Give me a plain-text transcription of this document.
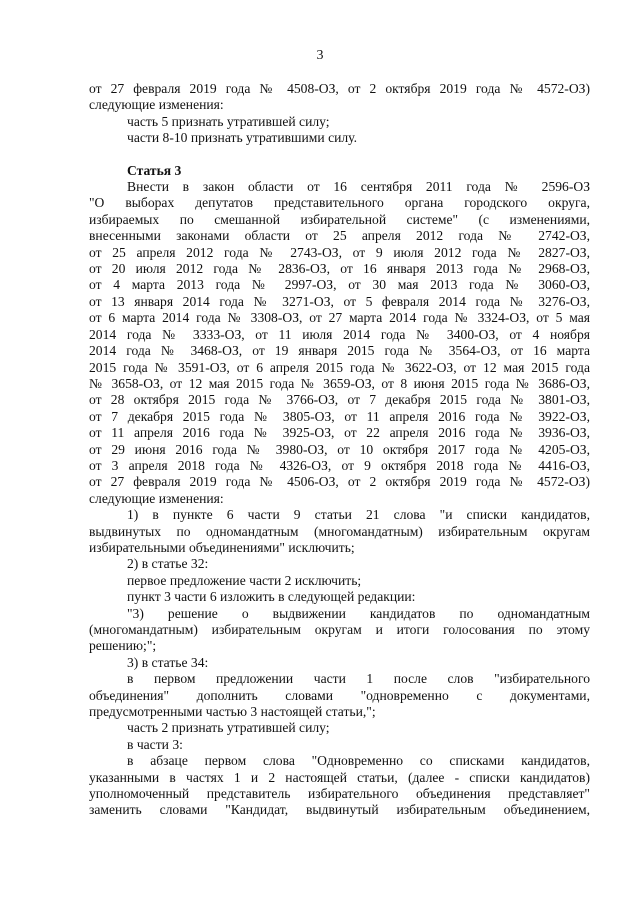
3

от 27 февраля 2019 года № 4508-ОЗ, от 2 октября 2019 года № 4572-ОЗ)

следующие изменения:

часть 5 признать утратившей силу;

части 8-10 признать утратившими силу.

Статья 3

Внести в закон области от 16 сентября 2011 года № 2596-ОЗ

"О выборах депутатов представительного органа городского округа,

избираемых по смешанной избирательной системе" (с изменениями,

внесенными законами области от 25 апреля 2012 года № 2742-ОЗ,

от 25 апреля 2012 года № 2743-ОЗ, от 9 июля 2012 года № 2827-ОЗ,

от 20 июля 2012 года № 2836-ОЗ, от 16 января 2013 года № 2968-ОЗ,

от 4 марта 2013 года № 2997-ОЗ, от 30 мая 2013 года № 3060-ОЗ,

от 13 января 2014 года № 3271-ОЗ, от 5 февраля 2014 года № 3276-ОЗ,

от 6 марта 2014 года № 3308-ОЗ, от 27 марта 2014 года № 3324-ОЗ, от 5 мая

2014 года № 3333-ОЗ, от 11 июля 2014 года № 3400-ОЗ, от 4 ноября

2014 года № 3468-ОЗ, от 19 января 2015 года № 3564-ОЗ, от 16 марта

2015 года № 3591-ОЗ, от 6 апреля 2015 года № 3622-ОЗ, от 12 мая 2015 года

№ 3658-ОЗ, от 12 мая 2015 года № 3659-ОЗ, от 8 июня 2015 года № 3686-ОЗ,

от 28 октября 2015 года № 3766-ОЗ, от 7 декабря 2015 года № 3801-ОЗ,

от 7 декабря 2015 года № 3805-ОЗ, от 11 апреля 2016 года № 3922-ОЗ,

от 11 апреля 2016 года № 3925-ОЗ, от 22 апреля 2016 года № 3936-ОЗ,

от 29 июня 2016 года № 3980-ОЗ, от 10 октября 2017 года № 4205-ОЗ,

от 3 апреля 2018 года № 4326-ОЗ, от 9 октября 2018 года № 4416-ОЗ,

от 27 февраля 2019 года № 4506-ОЗ, от 2 октября 2019 года № 4572-ОЗ)

следующие изменения:

1) в пункте 6 части 9 статьи 21 слова "и списки кандидатов,

выдвинутых по одномандатным (многомандатным) избирательным округам

избирательными объединениями" исключить;

2) в статье 32:

первое предложение части 2 исключить;

пункт 3 части 6 изложить в следующей редакции:

"3) решение о выдвижении кандидатов по одномандатным

(многомандатным) избирательным округам и итоги голосования по этому

решению;";

3) в статье 34:

в первом предложении части 1 после слов "избирательного

объединения" дополнить словами "одновременно с документами,

предусмотренными частью 3 настоящей статьи,";

часть 2 признать утратившей силу;

в части 3:

в абзаце первом слова "Одновременно со списками кандидатов,

указанными в частях 1 и 2 настоящей статьи, (далее - списки кандидатов)

уполномоченный представитель избирательного объединения представляет"

заменить словами "Кандидат, выдвинутый избирательным объединением,
